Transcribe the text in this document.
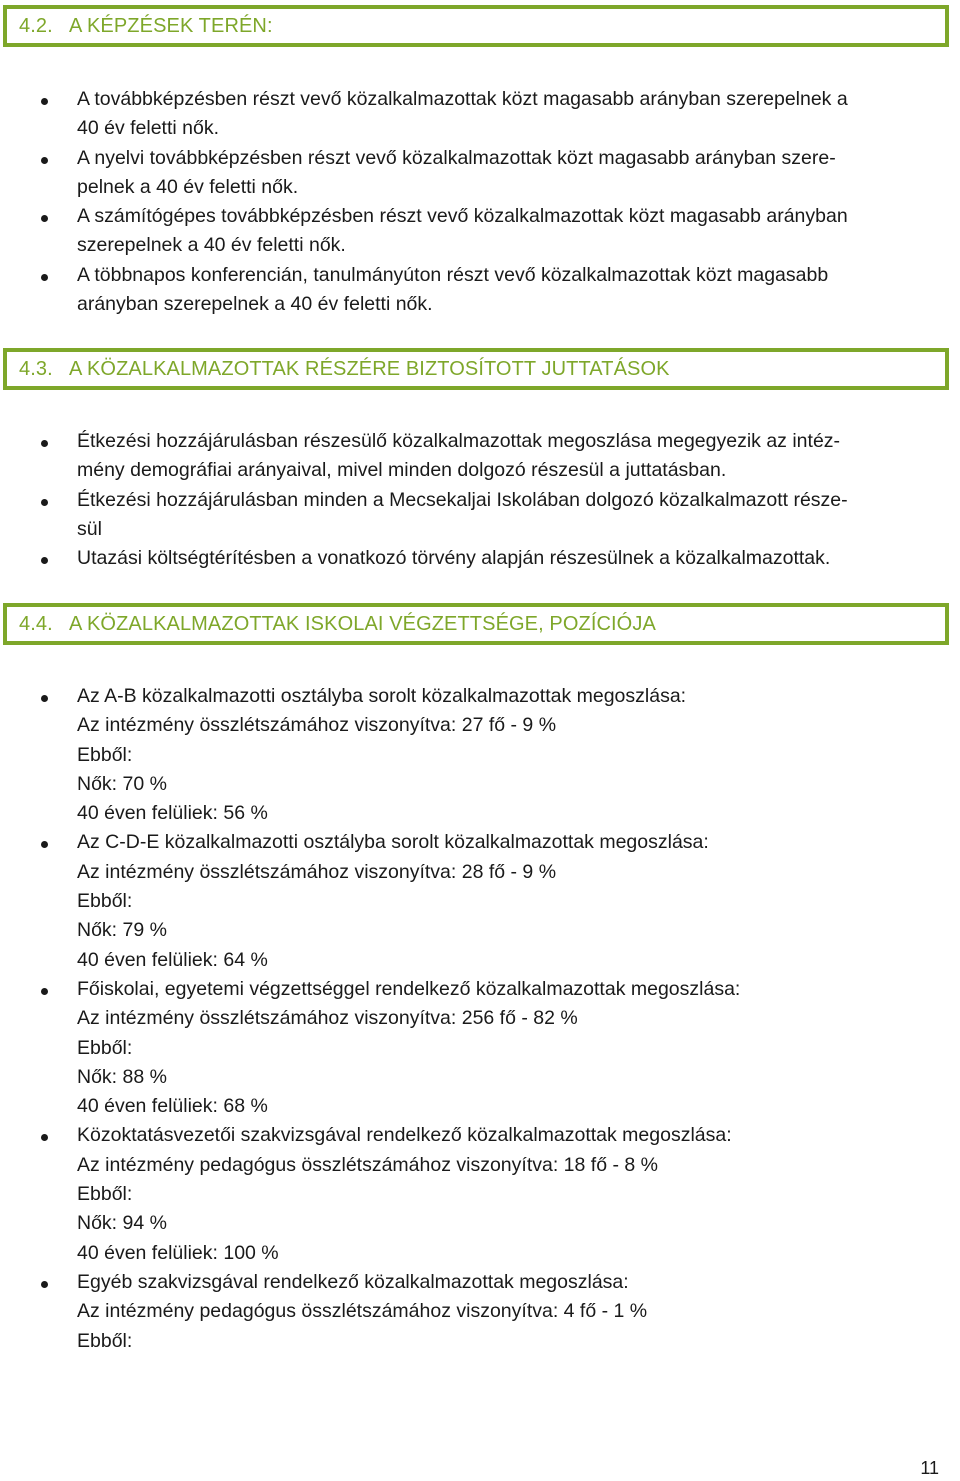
4.2. A KÉPZÉSEK TERÉN:
A továbbképzésben részt vevő közalkalmazottak közt magasabb arányban szerepelnek a
40 év feletti nők.
A nyelvi továbbképzésben részt vevő közalkalmazottak közt magasabb arányban szere-
pelnek a 40 év feletti nők.
A számítógépes továbbképzésben részt vevő közalkalmazottak közt magasabb arányban
szerepelnek a 40 év feletti nők.
A többnapos konferencián, tanulmányúton részt vevő közalkalmazottak közt magasabb
arányban szerepelnek a 40 év feletti nők.
4.3. A KÖZALKALMAZOTTAK RÉSZÉRE BIZTOSÍTOTT JUTTATÁSOK
Étkezési hozzájárulásban részesülő közalkalmazottak megoszlása megegyezik az intéz-
mény demográfiai arányaival, mivel minden dolgozó részesül a juttatásban.
Étkezési hozzájárulásban minden a Mecsekaljai Iskolában dolgozó közalkalmazott része-
sül
Utazási költségtérítésben a vonatkozó törvény alapján részesülnek a közalkalmazottak.
4.4. A KÖZALKALMAZOTTAK ISKOLAI VÉGZETTSÉGE, POZÍCIÓJA
Az A-B közalkalmazotti osztályba sorolt közalkalmazottak megoszlása:
Az intézmény összlétszámához viszonyítva: 27 fő - 9 %
Ebből:
Nők: 70 %
40 éven felüliek: 56 %
Az C-D-E közalkalmazotti osztályba sorolt közalkalmazottak megoszlása:
Az intézmény összlétszámához viszonyítva: 28 fő - 9 %
Ebből:
Nők: 79 %
40 éven felüliek: 64 %
Főiskolai, egyetemi végzettséggel rendelkező közalkalmazottak megoszlása:
Az intézmény összlétszámához viszonyítva: 256 fő - 82 %
Ebből:
Nők: 88 %
40 éven felüliek: 68 %
Közoktatásvezetői szakvizsgával rendelkező közalkalmazottak megoszlása:
Az intézmény pedagógus összlétszámához viszonyítva: 18 fő - 8 %
Ebből:
Nők: 94 %
40 éven felüliek: 100 %
Egyéb szakvizsgával rendelkező közalkalmazottak megoszlása:
Az intézmény pedagógus összlétszámához viszonyítva: 4 fő - 1 %
Ebből:
11
